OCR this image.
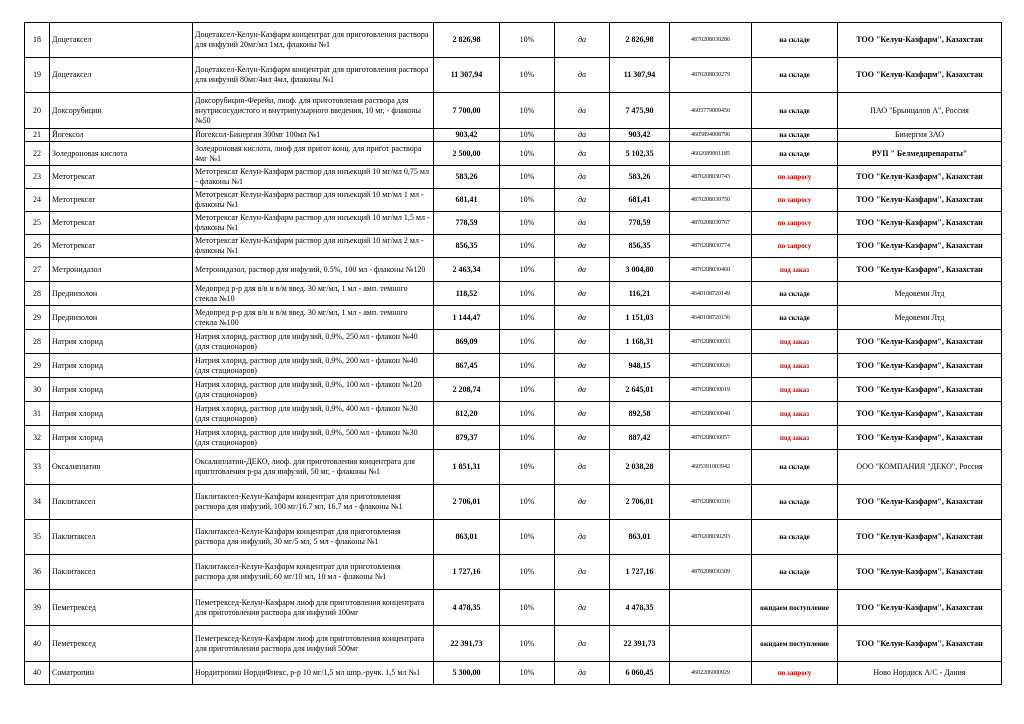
18	Доцетаксел	Доцетаксел-Келун-Казфарм концентрат для приготовления раствора для инфузий 20мг/мл 1мл, флаконы №1	2 826,98	10%	да	2 826,98	4870208030286	на складе	ТОО "Келун-Казфарм", Казахстан
19	Доцетаксел	Доцетаксел-Келун-Казфарм концентрат для приготовления раствора для инфузий 80мг/4мл 4мл, флаконы №1	11 307,94	10%	да	11 307,94	4870208030279	на складе	ТОО "Келун-Казфарм", Казахстан
20	Доксорубицин	Доксорубицин-Ферейн, лиоф. для приготовления раствора для внутрисосудистого и внутрипузырного введения, 10 мг, - флаконы №50	7 700,00	10%	да	7 475,90	4603779009456	на складе	ПАО "Брынцалов А", Россия
21	Йогексол	Йогексол-Бинергия 300мг 100мл №1	903,42	10%	да	903,42	4605894008796	на складе	Бинергия ЗАО
22	Золедроновая кислота	Золедроновая кислота, лиоф для пригот конц. для пригот раствора 4мг №1	2 500,00	10%	да	5 102,35	4602689001185	на складе	РУП " Белмедпрепараты"
23	Метотрексат	Метотрексат Келун-Казфарм раствор для инъекций 10 мг/мл 0,75 мл - флаконы №1	583,26	10%	да	583,26	4870208030743	по запросу	ТОО "Келун-Казфарм", Казахстан
24	Метотрексат	Метотрексат Келун-Казфарм раствор для инъекций 10 мг/мл 1 мл - флаконы №1	681,41	10%	да	681,41	4870208030750	по запросу	ТОО "Келун-Казфарм", Казахстан
25	Метотрексат	Метотрексат Келун-Казфарм раствор для инъекций 10 мг/мл 1,5 мл - флаконы №1	778,59	10%	да	778,59	4870208030767	по запросу	ТОО "Келун-Казфарм", Казахстан
26	Метотрексат	Метотрексат Келун-Казфарм раствор для инъекций 10 мг/мл 2 мл - флаконы №1	856,35	10%	да	856,35	4870208030774	по запросу	ТОО "Келун-Казфарм", Казахстан
27	Метронидазол	Метронидазол, раствор для инфузий, 0.5%, 100 мл - флаконы №120	2 463,34	10%	да	3 004,80	4870208030460	под заказ	ТОО "Келун-Казфарм", Казахстан
28	Преднизолон	Медопред р-р для в/в и в/м введ. 30 мг/мл, 1 мл - амп. темного стекла №10	118,52	10%	да	116,21	4640108720149	на складе	Медокеми Лтд
29	Преднизолон	Медопред р-р для в/в и в/м введ. 30 мг/мл, 1 мл - амп. темного стекла №100	1 144,47	10%	да	1 151,03	4640108720156	на складе	Медокеми Лтд
28	Натрия хлорид	Натрия хлорид, раствор для инфузий, 0.9%, 250 мл - флакон №40 (для стационаров)	869,09	10%	да	1 168,31	4870208030033	под заказ	ТОО "Келун-Казфарм", Казахстан
29	Натрия хлорид	Натрия хлорид, раствор для инфузий, 0.9%, 200 мл - флакон №40 (для стационаров)	867,45	10%	да	948,15	4870208030026	под заказ	ТОО "Келун-Казфарм", Казахстан
30	Натрия хлорид	Натрия хлорид, раствор для инфузий, 0.9%, 100 мл - флакон №120 (для стационаров)	2 208,74	10%	да	2 645,01	4870208030019	под заказ	ТОО "Келун-Казфарм", Казахстан
31	Натрия хлорид	Натрия хлорид, раствор для инфузий, 0.9%, 400 мл - флакон №30 (для стационаров)	812,20	10%	да	892,58	4870208030040	под заказ	ТОО "Келун-Казфарм", Казахстан
32	Натрия хлорид	Натрия хлорид, раствор для инфузий, 0.9%, 500 мл - флакон №30 (для стационаров)	879,37	10%	да	887,42	4870208030057	под заказ	ТОО "Келун-Казфарм", Казахстан
33	Оксалиплатин	Оксалиплатин-ДЕКО, лиоф. для приготовления концентрата для приготовления р-ра для инфузий, 50 мг, - флаконы №1	1 851,31	10%	да	2 038,28	4605391003942	на складе	ООО "КОМПАНИЯ "ДЕКО", Россия
34	Паклитаксел	Паклитаксел-Келун-Казфарм концентрат для приготовления раствора для инфузий, 100 мг/16.7 мл, 16.7 мл - флаконы №1	2 706,01	10%	да	2 706,01	4870208030316	на складе	ТОО "Келун-Казфарм", Казахстан
35	Паклитаксел	Паклитаксел-Келун-Казфарм концентрат для приготовления раствора для инфузий, 30 мг/5 мл, 5 мл - флаконы №1	863,01	10%	да	863,01	4870208030293	на складе	ТОО "Келун-Казфарм", Казахстан
36	Паклитаксел	Паклитаксел-Келун-Казфарм концентрат для приготовления раствора для инфузий, 60 мг/10 мл, 10 мл - флаконы №1	1 727,16	10%	да	1 727,16	4870208030309	на складе	ТОО "Келун-Казфарм", Казахстан
39	Пеметрексед	Пеметрексед-Келун-Казфарм лиоф для приготовления концентрата для приготовления раствора для инфузий 100мг	4 478,35	10%	да	4 478,35		ожидаем поступление	ТОО "Келун-Казфарм", Казахстан
40	Пеметрексед	Пеметрексед-Келун-Казфарм лиоф для приготовления концентрата для приготовления раствора для инфузий 500мг	22 391,73	10%	да	22 391,73		ожидаем поступление	ТОО "Келун-Казфарм", Казахстан
40	Соматропин	Нордитропин НордиФлекс, р-р 10 мг/1,5 мл шпр.-ручк. 1,5 мл №1	5 300,00	10%	да	6 060,45	4602206000929	по запросу	Ново Нордиск А/С - Дания
